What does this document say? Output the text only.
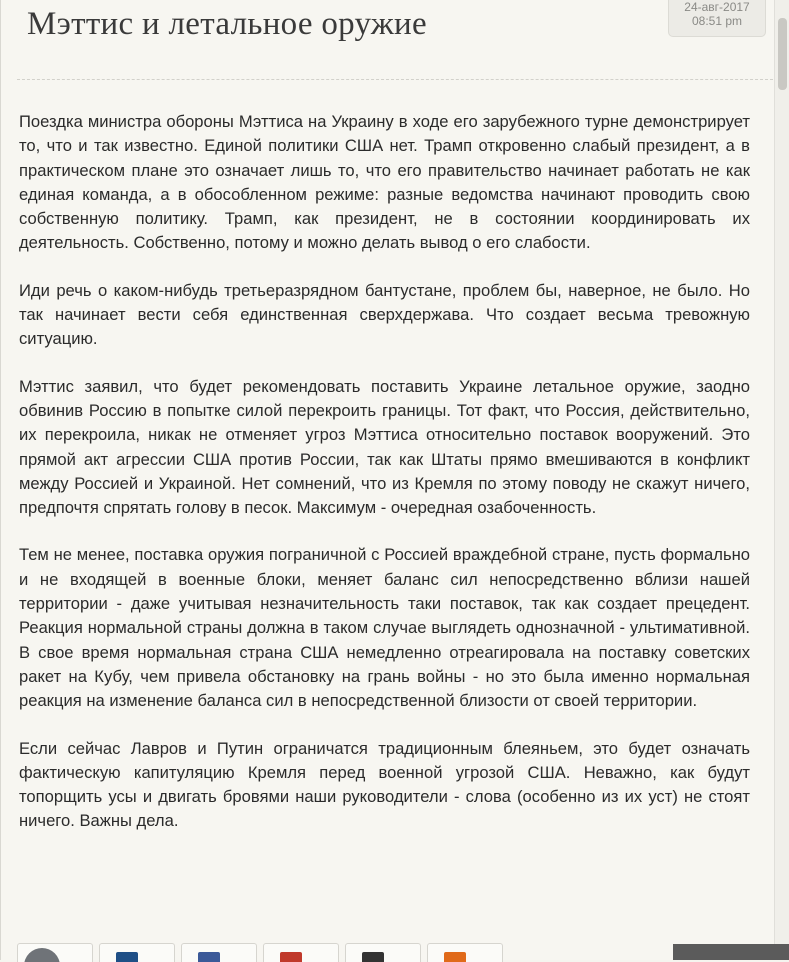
Мэттис и летальное оружие	24-авг-2017
08:51 pm

Поездка министра обороны Мэттиса на Украину в ходе его зарубежного турне демонстрирует то, что и так известно. Единой политики США нет. Трамп откровенно слабый президент, а в практическом плане это означает лишь то, что его правительство начинает работать не как единая команда, а в обособленном режиме: разные ведомства начинают проводить свою собственную политику. Трамп, как президент, не в состоянии координировать их деятельность. Собственно, потому и можно делать вывод о его слабости.

Иди речь о каком-нибудь третьеразрядном бантустане, проблем бы, наверное, не было. Но так начинает вести себя единственная сверхдержава. Что создает весьма тревожную ситуацию.

Мэттис заявил, что будет рекомендовать поставить Украине летальное оружие, заодно обвинив Россию в попытке силой перекроить границы. Тот факт, что Россия, действительно, их перекроила, никак не отменяет угроз Мэттиса относительно поставок вооружений. Это прямой акт агрессии США против России, так как Штаты прямо вмешиваются в конфликт между Россией и Украиной. Нет сомнений, что из Кремля по этому поводу не скажут ничего, предпочтя спрятать голову в песок. Максимум - очередная озабоченность.

Тем не менее, поставка оружия пограничной с Россией враждебной стране, пусть формально и не входящей в военные блоки, меняет баланс сил непосредственно вблизи нашей территории - даже учитывая незначительность таки поставок, так как создает прецедент. Реакция нормальной страны должна в таком случае выглядеть однозначной - ультимативной. В свое время нормальная страна США немедленно отреагировала на поставку советских ракет на Кубу, чем привела обстановку на грань войны - но это была именно нормальная реакция на изменение баланса сил в непосредственной близости от своей территории.

Если сейчас Лавров и Путин ограничатся традиционным блеяньем, это будет означать фактическую капитуляцию Кремля перед военной угрозой США. Неважно, как будут топорщить усы и двигать бровями наши руководители - слова (особенно из их уст) не стоят ничего. Важны дела.
